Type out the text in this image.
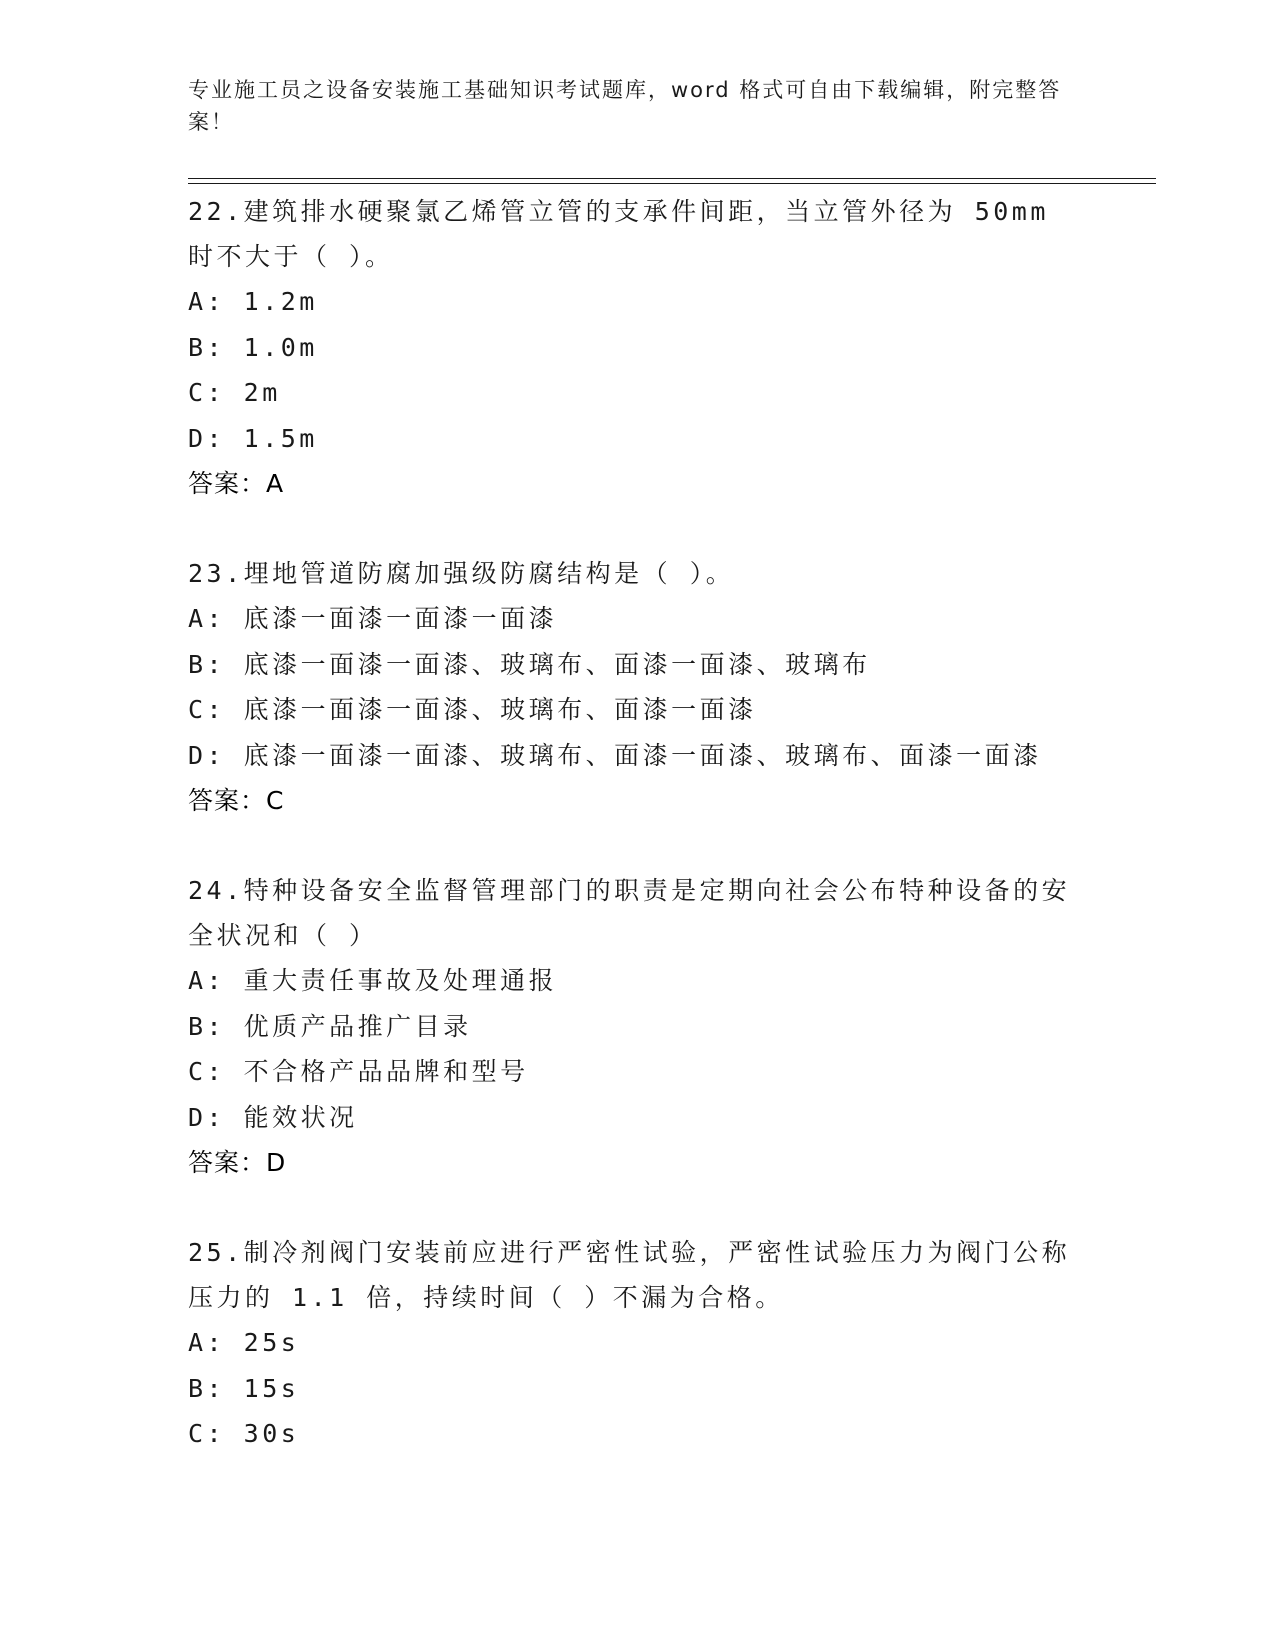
专业施工员之设备安装施工基础知识考试题库，word 格式可自由下载编辑，附完整答案！
22.建筑排水硬聚氯乙烯管立管的支承件间距，当立管外径为 50mm 时不大于（ ）。
A: 1.2m
B: 1.0m
C: 2m
D: 1.5m
答案：A
23.埋地管道防腐加强级防腐结构是（ ）。
A: 底漆一面漆一面漆一面漆
B: 底漆一面漆一面漆、玻璃布、面漆一面漆、玻璃布
C: 底漆一面漆一面漆、玻璃布、面漆一面漆
D: 底漆一面漆一面漆、玻璃布、面漆一面漆、玻璃布、面漆一面漆
答案：C
24.特种设备安全监督管理部门的职责是定期向社会公布特种设备的安全状况和（ ）
A: 重大责任事故及处理通报
B: 优质产品推广目录
C: 不合格产品品牌和型号
D: 能效状况
答案：D
25.制冷剂阀门安装前应进行严密性试验，严密性试验压力为阀门公称压力的 1.1 倍，持续时间（ ）不漏为合格。
A: 25s
B: 15s
C: 30s
